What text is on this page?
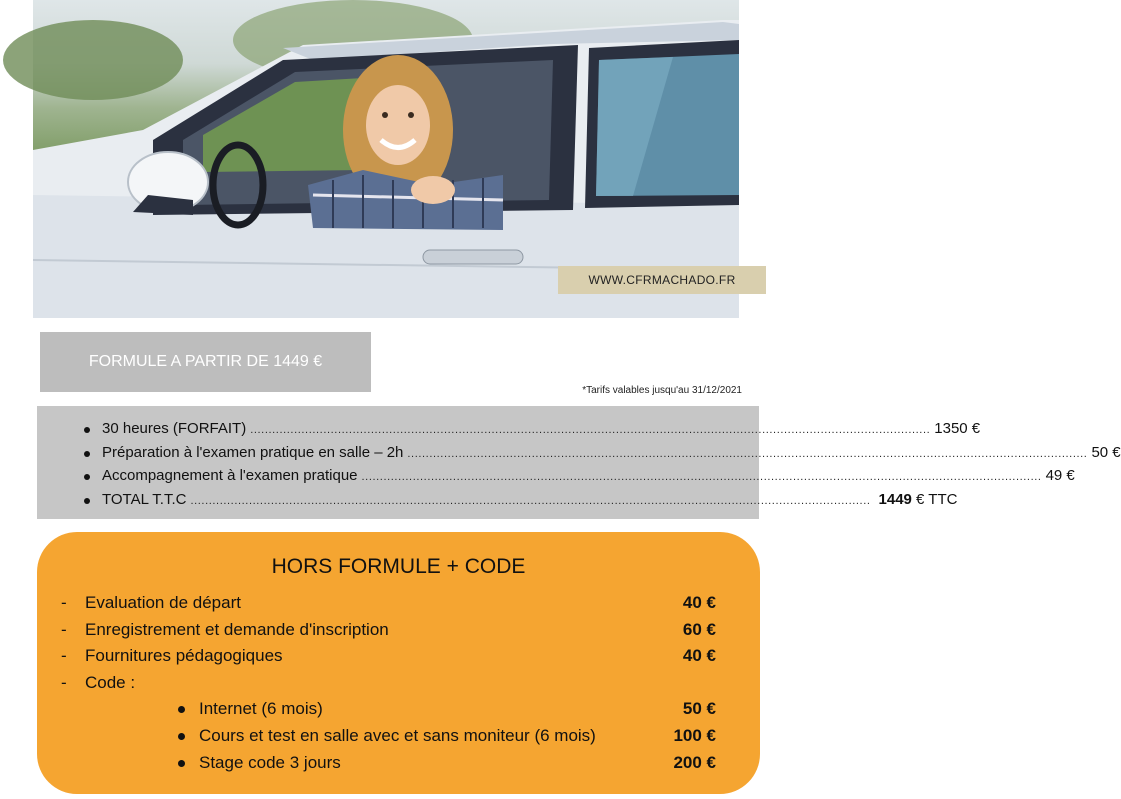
WWW.CFRMACHADO.FR
FORMULE A PARTIR DE 1449 €
*Tarifs valables jusqu'au 31/12/2021
30 heures (FORFAIT) .......................................................................................................................................................................................... 1350 €
Préparation à l'examen pratique en salle – 2h .......................................................................................................................................................................................... 50 €
Accompagnement à l'examen pratique .......................................................................................................................................................................................... 49 €
TOTAL T.T.C .......................................................................................................................................................................................... 1449 € TTC
HORS FORMULE + CODE
- Evaluation de départ	40 €
- Enregistrement et demande d'inscription	60 €
- Fournitures pédagogiques	40 €
- Code :
Internet (6 mois)	50 €
Cours et test en salle avec et sans moniteur (6 mois)	100 €
Stage code 3 jours	200 €
